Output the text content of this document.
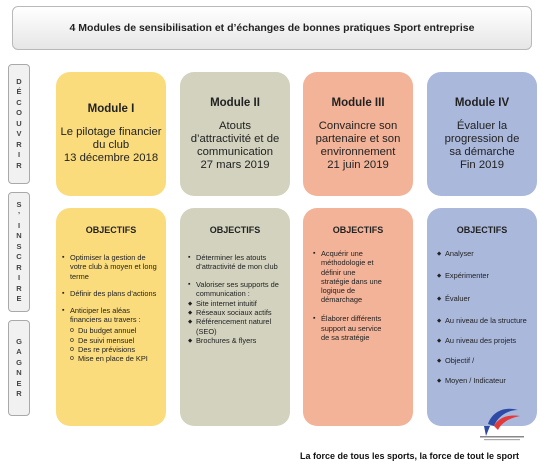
4 Modules de sensibilisation et d’échanges de bonnes pratiques Sport entreprise
D
É
C
O
U
V
R
I
R
S
’
I
N
S
C
R
I
R
E
G
A
G
N
E
R
Module I
Le pilotage financier
du club
13 décembre 2018
Module II
Atouts
d’attractivité et de
communication
27 mars 2019
Module III
Convaincre son
partenaire et son
environnement
21 juin 2019
Module IV
Évaluer la
progression de
sa démarche
Fin 2019
OBJECTIFS
▪ Optimiser la gestion de votre club à moyen et long terme
▪ Définir des plans d’actions
▪ Anticiper les aléas financiers au travers :
o Du budget annuel
o De suivi mensuel
o Des re prévisions
o Mise en place de KPI
OBJECTIFS
▪ Déterminer les atouts d’attractivité de mon club
▪ Valoriser ses supports de communication :
◆ Site internet intuitif
◆ Réseaux sociaux actifs
◆ Référencement naturel (SEO)
◆ Brochures & flyers
OBJECTIFS
▪ Acquérir une méthodologie et définir une stratégie dans une logique de démarchage
▪ Élaborer différents support au service de sa stratégie
OBJECTIFS
◆ Analyser
◆ Expérimenter
◆ Évaluer
◆ Au niveau de la structure
◆ Au niveau des projets
◆ Objectif /
◆ Moyen / Indicateur
La force de tous les sports, la force de tout le sport
